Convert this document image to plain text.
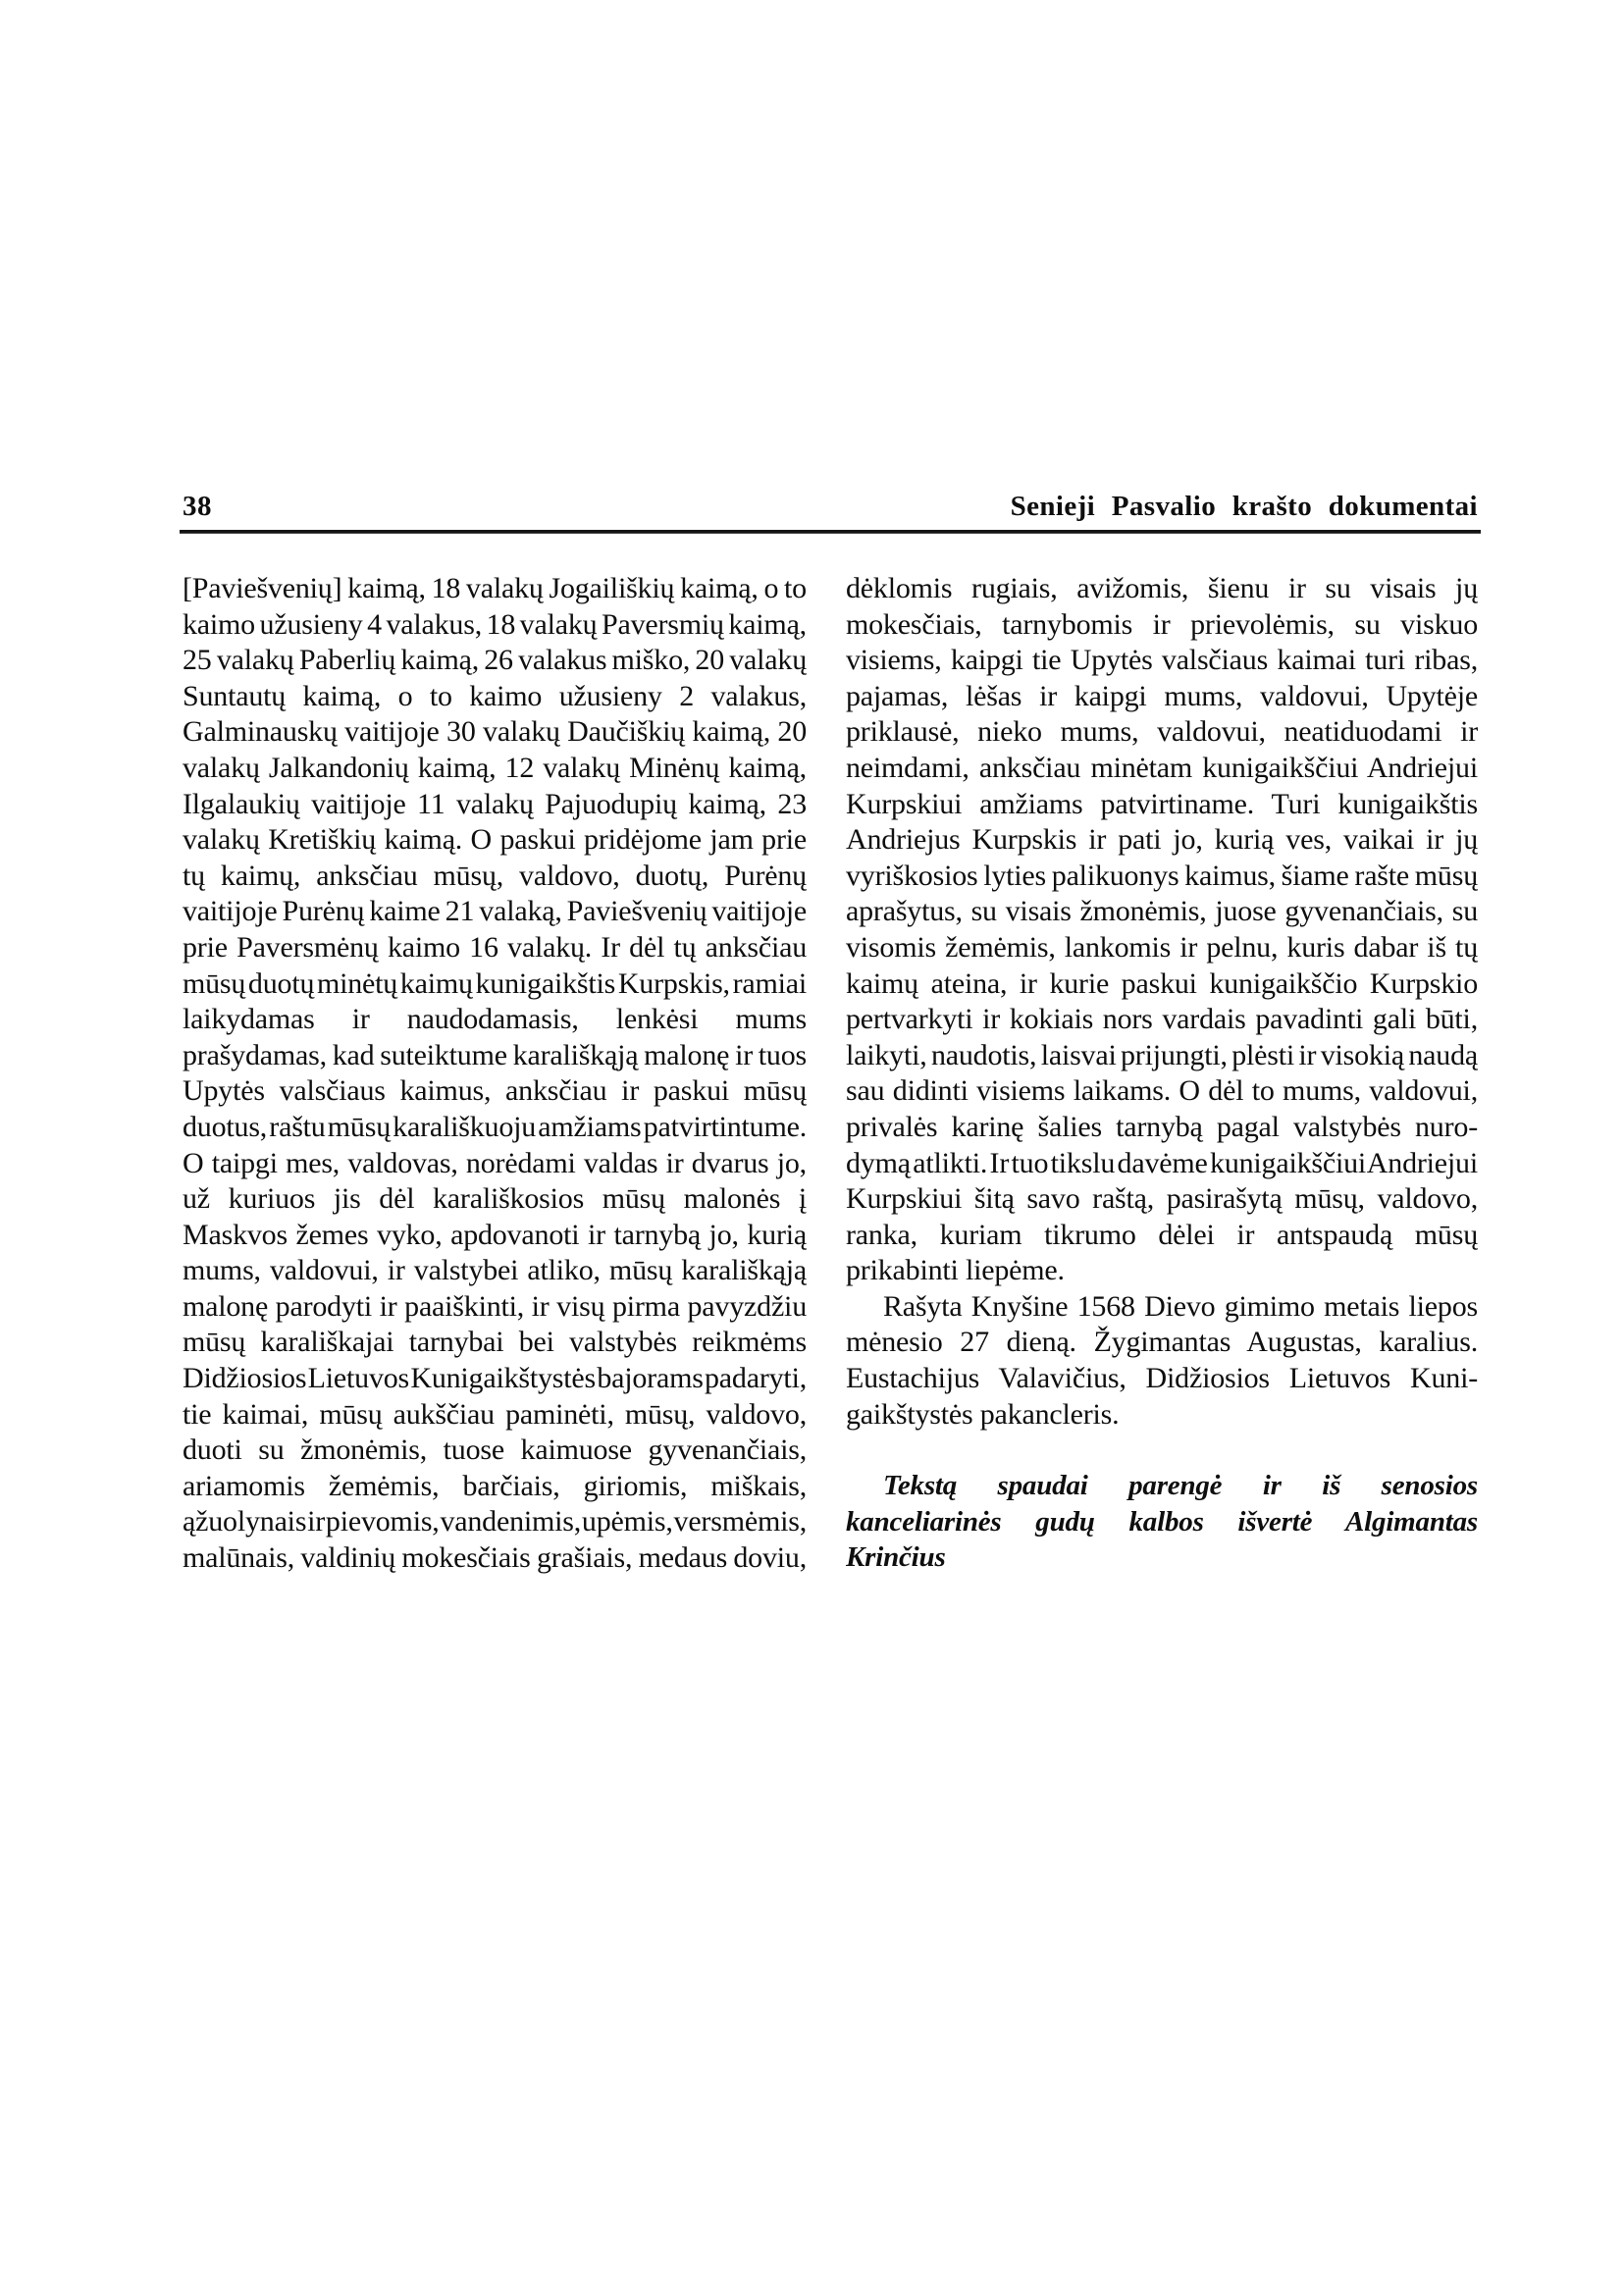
38	Senieji Pasvalio krašto dokumentai
[Paviešvenių] kaimą, 18 valakų Jogailiškių kaimą, o to
kaimo užusieny 4 valakus, 18 valakų Paversmių kaimą,
25 valakų Paberlių kaimą, 26 valakus miško, 20 valakų
Suntautų kaimą, o to kaimo užusieny 2 valakus,
Galminauskų vaitijoje 30 valakų Daučiškių kaimą, 20
valakų Jalkandonių kaimą, 12 valakų Minėnų kaimą,
Ilgalaukių vaitijoje 11 valakų Pajuodupių kaimą, 23
valakų Kretiškių kaimą. O paskui pridėjome jam prie
tų kaimų, anksčiau mūsų, valdovo, duotų, Purėnų
vaitijoje Purėnų kaime 21 valaką, Paviešvenių vaitijoje
prie Paversmėnų kaimo 16 valakų. Ir dėl tų anksčiau
mūsų duotų minėtų kaimų kunigaikštis Kurpskis, ramiai
laikydamas ir naudodamasis, lenkėsi mums
prašydamas, kad suteiktume karališkąją malonę ir tuos
Upytės valsčiaus kaimus, anksčiau ir paskui mūsų
duotus, raštu mūsų karališkuoju amžiams patvirtintume.
O taipgi mes, valdovas, norėdami valdas ir dvarus jo,
už kuriuos jis dėl karališkosios mūsų malonės į
Maskvos žemes vyko, apdovanoti ir tarnybą jo, kurią
mums, valdovui, ir valstybei atliko, mūsų karališkąją
malonę parodyti ir paaiškinti, ir visų pirma pavyzdžiu
mūsų karališkajai tarnybai bei valstybės reikmėms
Didžiosios Lietuvos Kunigaikštystės bajorams padaryti,
tie kaimai, mūsų aukščiau paminėti, mūsų, valdovo,
duoti su žmonėmis, tuose kaimuose gyvenančiais,
ariamomis žemėmis, barčiais, giriomis, miškais,
ąžuolynais ir pievomis, vandenimis, upėmis, versmėmis,
malūnais, valdinių mokesčiais grašiais, medaus doviu,
dėklomis rugiais, avižomis, šienu ir su visais jų
mokesčiais, tarnybomis ir prievolėmis, su viskuo
visiems, kaipgi tie Upytės valsčiaus kaimai turi ribas,
pajamas, lėšas ir kaipgi mums, valdovui, Upytėje
priklausė, nieko mums, valdovui, neatiduodami ir
neimdami, anksčiau minėtam kunigaikščiui Andriejui
Kurpskiui amžiams patvirtiname. Turi kunigaikštis
Andriejus Kurpskis ir pati jo, kurią ves, vaikai ir jų
vyriškosios lyties palikuonys kaimus, šiame rašte mūsų
aprašytus, su visais žmonėmis, juose gyvenančiais, su
visomis žemėmis, lankomis ir pelnu, kuris dabar iš tų
kaimų ateina, ir kurie paskui kunigaikščio Kurpskio
pertvarkyti ir kokiais nors vardais pavadinti gali būti,
laikyti, naudotis, laisvai prijungti, plėsti ir visokią naudą
sau didinti visiems laikams. O dėl to mums, valdovui,
privalės karinę šalies tarnybą pagal valstybės nuro-
dymą atlikti. Ir tuo tikslu davėme kunigaikščiui Andriejui
Kurpskiui šitą savo raštą, pasirašytą mūsų, valdovo,
ranka, kuriam tikrumo dėlei ir antspaudą mūsų
prikabinti liepėme.
Rašyta Knyšine 1568 Dievo gimimo metais liepos
mėnesio 27 dieną. Žygimantas Augustas, karalius.
Eustachijus Valavičius, Didžiosios Lietuvos Kuni-
gaikštystės pakancleris.
Tekstą spaudai parengė ir iš senosios
kanceliarinės gudų kalbos išvertė Algimantas
Krinčius
